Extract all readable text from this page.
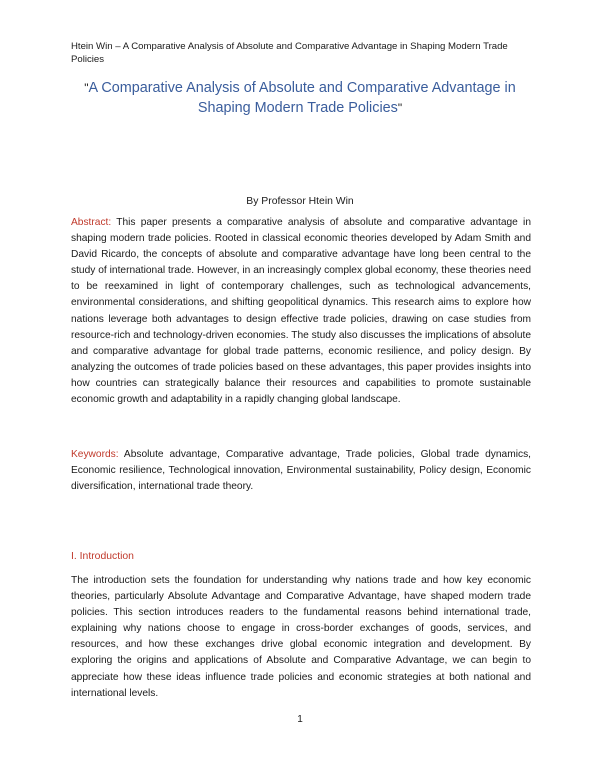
Htein Win – A Comparative Analysis of Absolute and Comparative Advantage in Shaping Modern Trade Policies
"A Comparative Analysis of Absolute and Comparative Advantage in Shaping Modern Trade Policies"
By Professor Htein Win
Abstract: This paper presents a comparative analysis of absolute and comparative advantage in shaping modern trade policies. Rooted in classical economic theories developed by Adam Smith and David Ricardo, the concepts of absolute and comparative advantage have long been central to the study of international trade. However, in an increasingly complex global economy, these theories need to be reexamined in light of contemporary challenges, such as technological advancements, environmental considerations, and shifting geopolitical dynamics. This research aims to explore how nations leverage both advantages to design effective trade policies, drawing on case studies from resource-rich and technology-driven economies. The study also discusses the implications of absolute and comparative advantage for global trade patterns, economic resilience, and policy design. By analyzing the outcomes of trade policies based on these advantages, this paper provides insights into how countries can strategically balance their resources and capabilities to promote sustainable economic growth and adaptability in a rapidly changing global landscape.
Keywords: Absolute advantage, Comparative advantage, Trade policies, Global trade dynamics, Economic resilience, Technological innovation, Environmental sustainability, Policy design, Economic diversification, international trade theory.
I. Introduction
The introduction sets the foundation for understanding why nations trade and how key economic theories, particularly Absolute Advantage and Comparative Advantage, have shaped modern trade policies. This section introduces readers to the fundamental reasons behind international trade, explaining why nations choose to engage in cross-border exchanges of goods, services, and resources, and how these exchanges drive global economic integration and development. By exploring the origins and applications of Absolute and Comparative Advantage, we can begin to appreciate how these ideas influence trade policies and economic strategies at both national and international levels.
1
